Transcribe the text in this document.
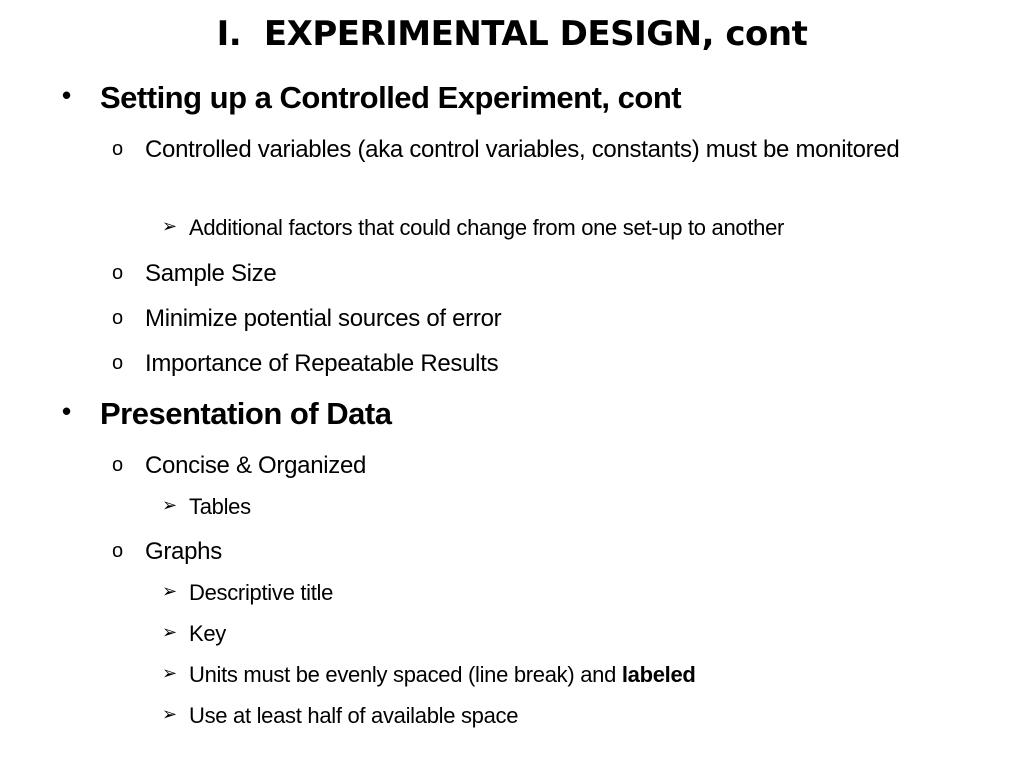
I.  EXPERIMENTAL DESIGN, cont
• Setting up a Controlled Experiment, cont
o Controlled variables (aka control variables, constants) must be monitored
➢ Additional factors that could change from one set-up to another
o Sample Size
o Minimize potential sources of error
o Importance of Repeatable Results
• Presentation of Data
o Concise & Organized
➢ Tables
o Graphs
➢ Descriptive title
➢ Key
➢ Units must be evenly spaced (line break) and labeled
➢ Use at least half of available space
